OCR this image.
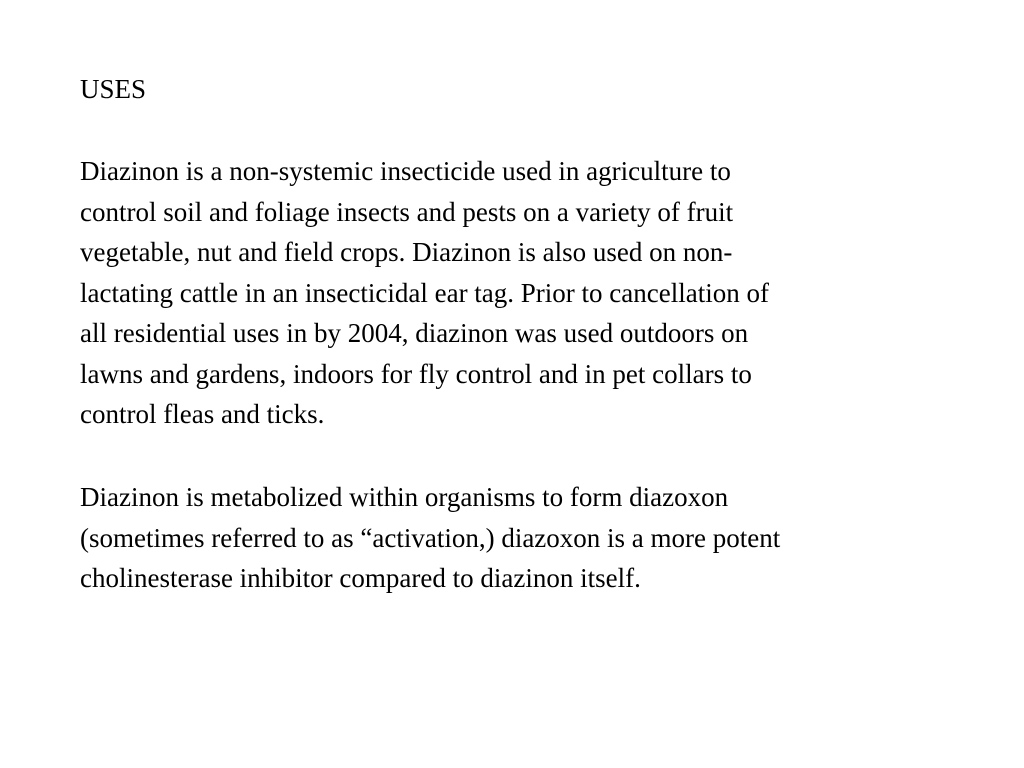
USES
Diazinon is a non-systemic insecticide used in agriculture to
control soil and foliage insects and pests on a variety of fruit
vegetable, nut and field crops. Diazinon is also used on non-
lactating cattle in an insecticidal ear tag. Prior to cancellation of
all residential uses in by 2004, diazinon was used outdoors on
lawns and gardens, indoors for fly control and in pet collars to
control fleas and ticks.
Diazinon is metabolized within organisms to form diazoxon
(sometimes referred to as “activation,) diazoxon is a more potent
cholinesterase inhibitor compared to diazinon itself.
